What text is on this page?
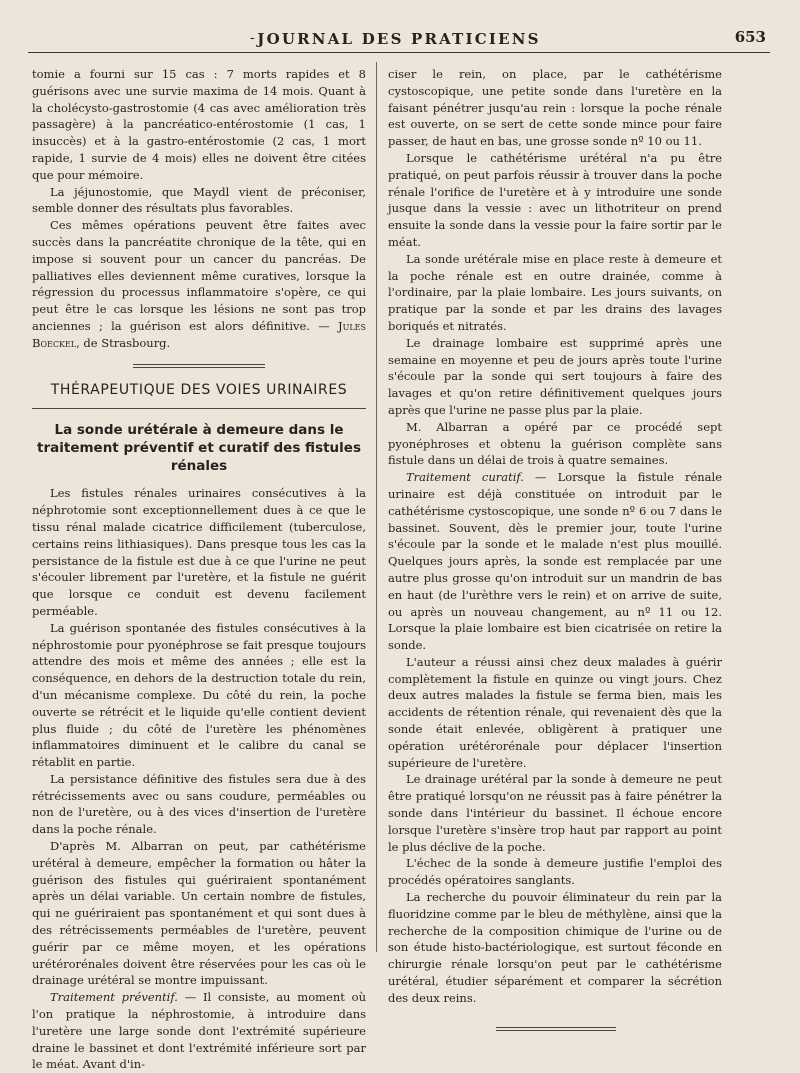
- JOURNAL DES PRATICIENS	653

tomie a fourni sur 15 cas : 7 morts rapides et 8 guérisons avec une survie maxima de 14 mois. Quant à la cholécysto-gastrostomie (4 cas avec amélioration très passagère) à la pancréatico-entérostomie (1 cas, 1 insuccès) et à la gastro-entérostomie (2 cas, 1 mort rapide, 1 survie de 4 mois) elles ne doivent être citées que pour mémoire.

La jéjunostomie, que Maydl vient de préconiser, semble donner des résultats plus favorables.

Ces mêmes opérations peuvent être faites avec succès dans la pancréatite chronique de la tête, qui en impose si souvent pour un cancer du pancréas. De palliatives elles deviennent même curatives, lorsque la régression du processus inflammatoire s'opère, ce qui peut être le cas lorsque les lésions ne sont pas trop anciennes ; la guérison est alors définitive. — Jules Boeckel, de Strasbourg.

THÉRAPEUTIQUE DES VOIES URINAIRES
La sonde urétérale à demeure dans le traitement préventif et curatif des fistules rénales

Les fistules rénales urinaires consécutives à la néphrotomie sont exceptionnellement dues à ce que le tissu rénal malade cicatrice difficilement (tuberculose, certains reins lithiasiques). Dans presque tous les cas la persistance de la fistule est due à ce que l'urine ne peut s'écouler librement par l'uretère, et la fistule ne guérit que lorsque ce conduit est devenu facilement perméable.

La guérison spontanée des fistules consécutives à la néphrostomie pour pyonéphrose se fait presque toujours attendre des mois et même des années ; elle est la conséquence, en dehors de la destruction totale du rein, d'un mécanisme complexe. Du côté du rein, la poche ouverte se rétrécit et le liquide qu'elle contient devient plus fluide ; du côté de l'uretère les phénomènes inflammatoires diminuent et le calibre du canal se rétablit en partie.

La persistance définitive des fistules sera due à des rétrécissements avec ou sans coudure, perméables ou non de l'uretère, ou à des vices d'insertion de l'uretère dans la poche rénale.

D'après M. Albarran on peut, par cathétérisme urétéral à demeure, empêcher la formation ou hâter la guérison des fistules qui guériraient spontanément après un délai variable. Un certain nombre de fistules, qui ne guériraient pas spontanément et qui sont dues à des rétrécissements perméables de l'uretère, peuvent guérir par ce même moyen, et les opérations urétérorénales doivent être réservées pour les cas où le drainage urétéral se montre impuissant.

Traitement préventif. — Il consiste, au moment où l'on pratique la néphrostomie, à introduire dans l'uretère une large sonde dont l'extrémité supérieure draine le bassinet et dont l'extrémité inférieure sort par le méat. Avant d'in-

ciser le rein, on place, par le cathétérisme cystoscopique, une petite sonde dans l'uretère en la faisant pénétrer jusqu'au rein : lorsque la poche rénale est ouverte, on se sert de cette sonde mince pour faire passer, de haut en bas, une grosse sonde nº 10 ou 11.

Lorsque le cathétérisme urétéral n'a pu être pratiqué, on peut parfois réussir à trouver dans la poche rénale l'orifice de l'uretère et à y introduire une sonde jusque dans la vessie : avec un lithotriteur on prend ensuite la sonde dans la vessie pour la faire sortir par le méat.

La sonde urétérale mise en place reste à demeure et la poche rénale est en outre drainée, comme à l'ordinaire, par la plaie lombaire. Les jours suivants, on pratique par la sonde et par les drains des lavages boriqués et nitratés.

Le drainage lombaire est supprimé après une semaine en moyenne et peu de jours après toute l'urine s'écoule par la sonde qui sert toujours à faire des lavages et qu'on retire définitivement quelques jours après que l'urine ne passe plus par la plaie.

M. Albarran a opéré par ce procédé sept pyonéphroses et obtenu la guérison complète sans fistule dans un délai de trois à quatre semaines.

Traitement curatif. — Lorsque la fistule rénale urinaire est déjà constituée on introduit par le cathétérisme cystoscopique, une sonde nº 6 ou 7 dans le bassinet. Souvent, dès le premier jour, toute l'urine s'écoule par la sonde et le malade n'est plus mouillé. Quelques jours après, la sonde est remplacée par une autre plus grosse qu'on introduit sur un mandrin de bas en haut (de l'urèthre vers le rein) et on arrive de suite, ou après un nouveau changement, au nº 11 ou 12. Lorsque la plaie lombaire est bien cicatrisée on retire la sonde.

L'auteur a réussi ainsi chez deux malades à guérir complètement la fistule en quinze ou vingt jours. Chez deux autres malades la fistule se ferma bien, mais les accidents de rétention rénale, qui revenaient dès que la sonde était enlevée, obligèrent à pratiquer une opération urétérorénale pour déplacer l'insertion supérieure de l'uretère.

Le drainage urétéral par la sonde à demeure ne peut être pratiqué lorsqu'on ne réussit pas à faire pénétrer la sonde dans l'intérieur du bassinet. Il échoue encore lorsque l'uretère s'insère trop haut par rapport au point le plus déclive de la poche.

L'échec de la sonde à demeure justifie l'emploi des procédés opératoires sanglants.

La recherche du pouvoir éliminateur du rein par la fluoridzine comme par le bleu de méthylène, ainsi que la recherche de la composition chimique de l'urine ou de son étude histo-bactériologique, est surtout féconde en chirurgie rénale lorsqu'on peut par le cathétérisme urétéral, étudier séparément et comparer la sécrétion des deux reins.
